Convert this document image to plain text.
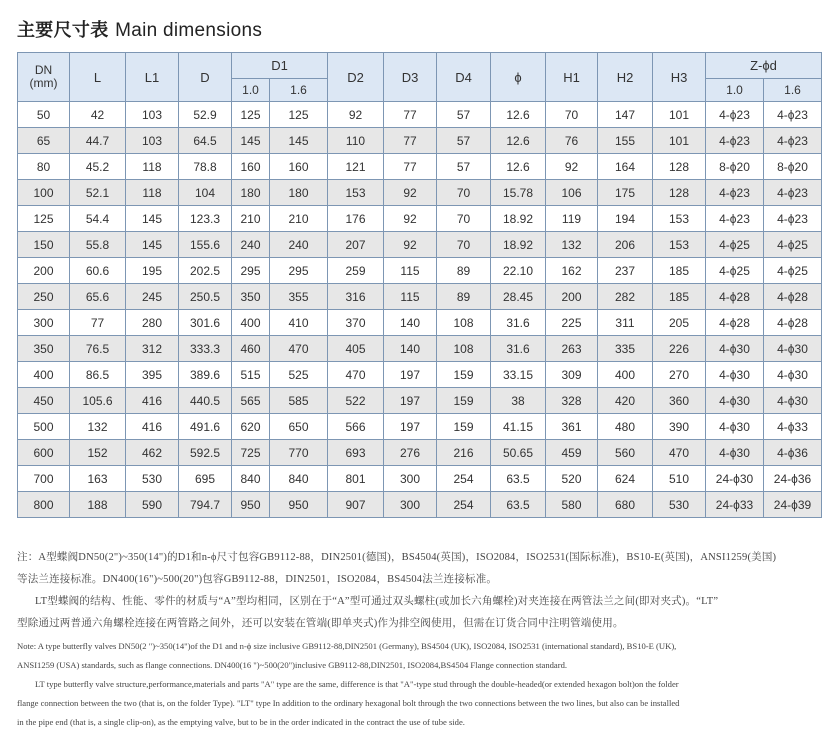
主要尺寸表 Main dimensions
DN
(mm)	L	L1	D	D1		D2	D3	D4	ϕ	H1	H2	H3	Z-ϕd	
				1.0	1.6								1.0	1.6
50	42	103	52.9	125	125	92	77	57	12.6	70	147	101	4-ϕ23	4-ϕ23
65	44.7	103	64.5	145	145	110	77	57	12.6	76	155	101	4-ϕ23	4-ϕ23
80	45.2	118	78.8	160	160	121	77	57	12.6	92	164	128	8-ϕ20	8-ϕ20
100	52.1	118	104	180	180	153	92	70	15.78	106	175	128	4-ϕ23	4-ϕ23
125	54.4	145	123.3	210	210	176	92	70	18.92	119	194	153	4-ϕ23	4-ϕ23
150	55.8	145	155.6	240	240	207	92	70	18.92	132	206	153	4-ϕ25	4-ϕ25
200	60.6	195	202.5	295	295	259	115	89	22.10	162	237	185	4-ϕ25	4-ϕ25
250	65.6	245	250.5	350	355	316	115	89	28.45	200	282	185	4-ϕ28	4-ϕ28
300	77	280	301.6	400	410	370	140	108	31.6	225	311	205	4-ϕ28	4-ϕ28
350	76.5	312	333.3	460	470	405	140	108	31.6	263	335	226	4-ϕ30	4-ϕ30
400	86.5	395	389.6	515	525	470	197	159	33.15	309	400	270	4-ϕ30	4-ϕ30
450	105.6	416	440.5	565	585	522	197	159	38	328	420	360	4-ϕ30	4-ϕ30
500	132	416	491.6	620	650	566	197	159	41.15	361	480	390	4-ϕ30	4-ϕ33
600	152	462	592.5	725	770	693	276	216	50.65	459	560	470	4-ϕ30	4-ϕ36
700	163	530	695	840	840	801	300	254	63.5	520	624	510	24-ϕ30	24-ϕ36
800	188	590	794.7	950	950	907	300	254	63.5	580	680	530	24-ϕ33	24-ϕ39
注：A型蝶阀DN50(2")~350(14")的D1和n-ϕ尺寸包容GB9112-88，DIN2501(德国)，BS4504(英国)，ISO2084，ISO2531(国际标准)，BS10-E(英国)，ANSI1259(美国)
等法兰连接标准。DN400(16")~500(20")包容GB9112-88，DIN2501，ISO2084，BS4504法兰连接标准。
LT型蝶阀的结构、性能、零件的材质与“A”型均相同，区别在于“A”型可通过双头螺柱(或加长六角螺栓)对夹连接在两管法兰之间(即对夹式)。“LT”
型除通过两普通六角螺栓连接在两管路之间外，还可以安装在管端(即单夹式)作为排空阀使用，但需在订货合同中注明管端使用。
Note: A type butterfly valves DN50(2 ")~350(14")of the D1 and n-ϕ size inclusive GB9112-88,DIN2501 (Germany), BS4504 (UK), ISO2084, ISO2531 (international standard), BS10-E (UK),
ANSI1259 (USA) standards, such as flange connections. DN400(16 ")~500(20")inclusive GB9112-88,DIN2501, ISO2084,BS4504 Flange connection standard.
LT type butterfly valve structure,performance,materials and parts "A" type are the same, difference is that "A"-type stud through the double-headed(or extended hexagon bolt)on the folder
flange connection between the two (that is, on the folder Type). "LT" type In addition to the ordinary hexagonal bolt through the two connections between the two lines, but also can be installed
in the pipe end (that is, a single clip-on), as the emptying valve, but to be in the order indicated in the contract the use of tube side.
